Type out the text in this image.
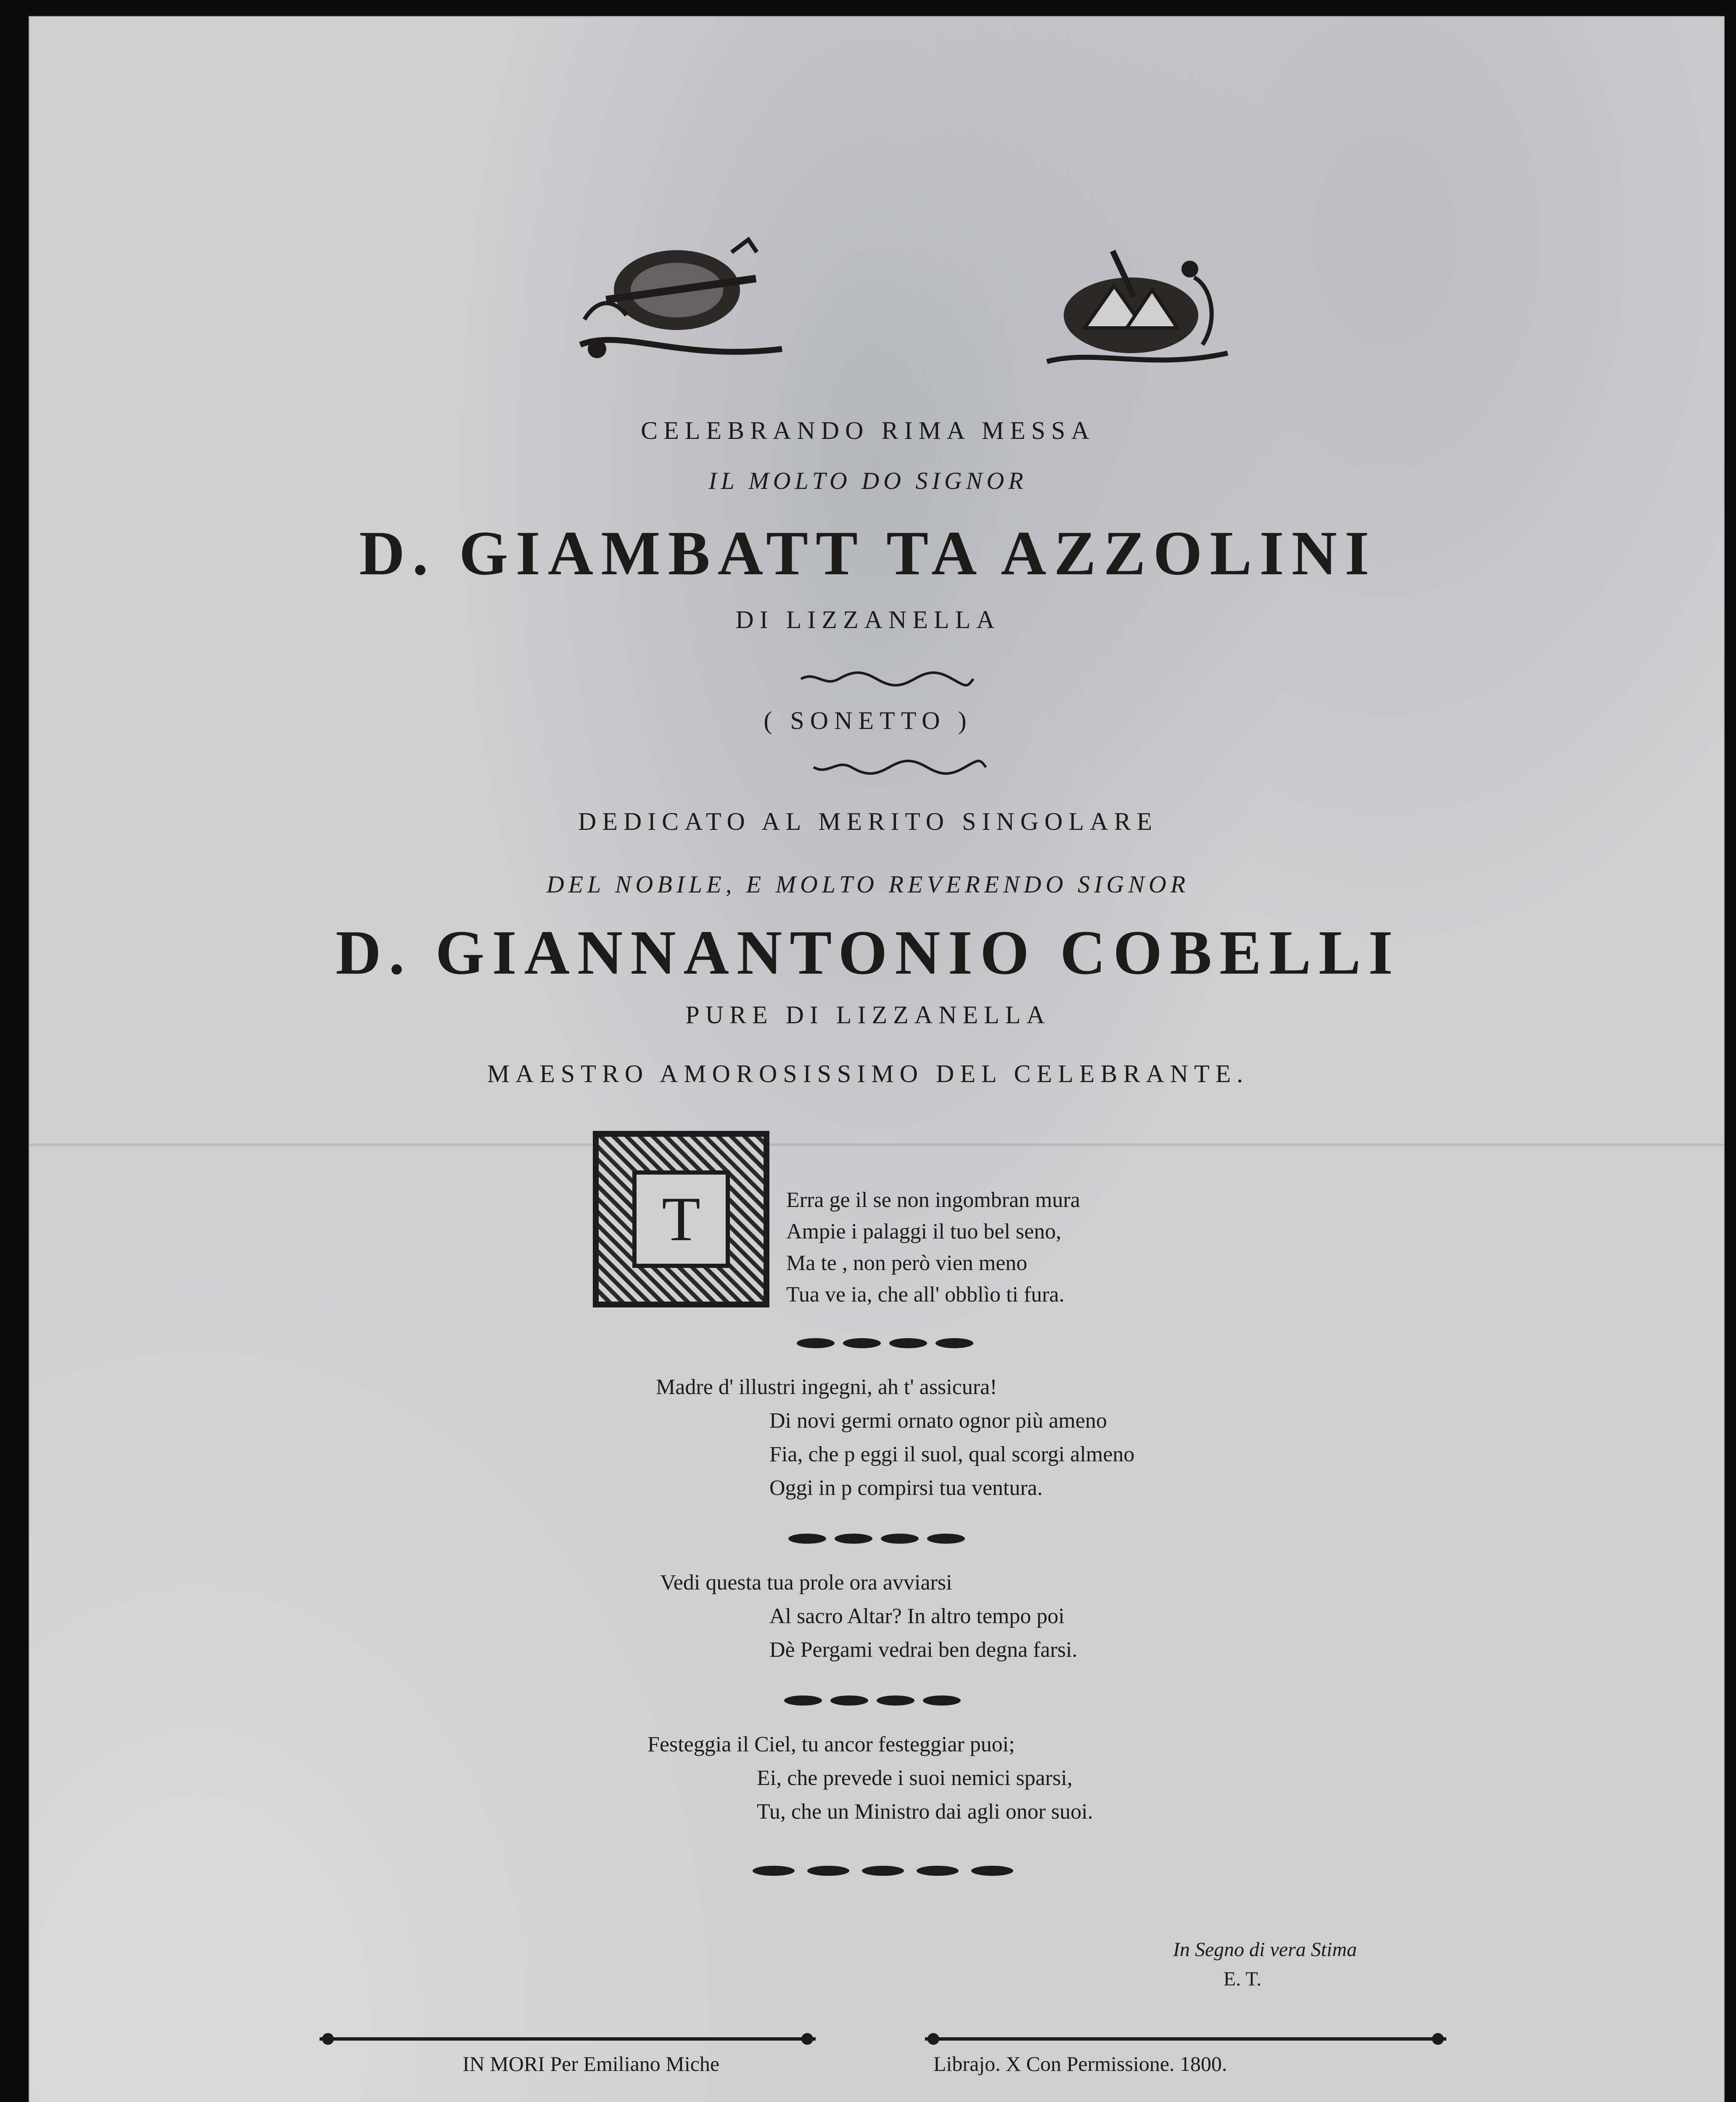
CELEBRANDO RIMA MESSA
IL MOLTO DO SIGNOR
D. GIAMBATT TA AZZOLINI
DI LIZZANELLA
( SONETTO )
DEDICATO AL MERITO SINGOLARE
DEL NOBILE, E MOLTO REVERENDO SIGNOR
D. GIANNANTONIO COBELLI
PURE DI LIZZANELLA
MAESTRO AMOROSISSIMO DEL CELEBRANTE.
T	Erra ge il se non ingombran mura
Ampie i palaggi il tuo bel seno,
Ma te , non però vien meno
Tua ve ia, che all' obblìo ti fura.
Madre d' illustri ingegni, ah t' assicura!
Di novi germi ornato ognor più ameno
Fia, che p eggi il suol, qual scorgi almeno
Oggi in p compirsi tua ventura.
Vedi questa tua prole ora avviarsi
Al sacro Altar? In altro tempo poi
Dè Pergami vedrai ben degna farsi.
Festeggia il Ciel, tu ancor festeggiar puoi;
Ei, che prevede i suoi nemici sparsi,
Tu, che un Ministro dai agli onor suoi.
In Segno di vera Stima
E. T.
IN MORI Per Emiliano Miche	Librajo. X Con Permissione. 1800.
